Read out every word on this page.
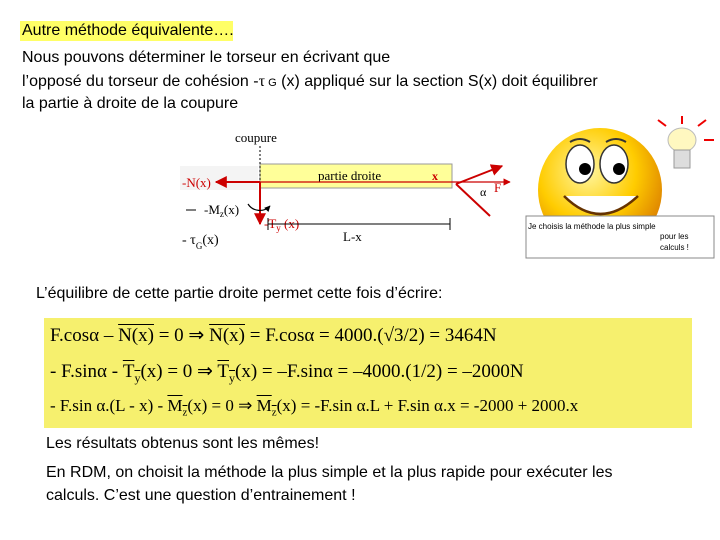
Autre méthode équivalente….
Nous pouvons déterminer le torseur en écrivant que
l’opposé du torseur de cohésion -τ G (x) appliqué sur la section S(x) doit équilibrer
la partie à droite de la coupure
coupure
partie droite	x
-N(x)
$-T_y$ (x)
$-M_z(x)$
- $\tau_G(x)$	L-x
α F
Je choisis la méthode la plus simple
pour les
calculs !
L’équilibre de cette partie droite permet cette fois d’écrire:
F.cosα – N(x) = 0 ⇒ N(x) = F.cosα = 4000.(√3/2) = 3464N
- $F.\sin\alpha - T_y(x) = 0$ ⇒ $T_y(x) = -F.\sin\alpha = -4000.(1/2) = -2000N$
- F.sin $\alpha.(L - x) - M_z(x) = 0$ ⇒ $M_z(x) = -F.\sin$ α.L + F.sin α.x = -2000 + 2000.x
Les résultats obtenus sont les mêmes!
En RDM, on choisit la méthode la plus simple et la plus rapide pour exécuter les
calculs. C’est une question d’entrainement !
